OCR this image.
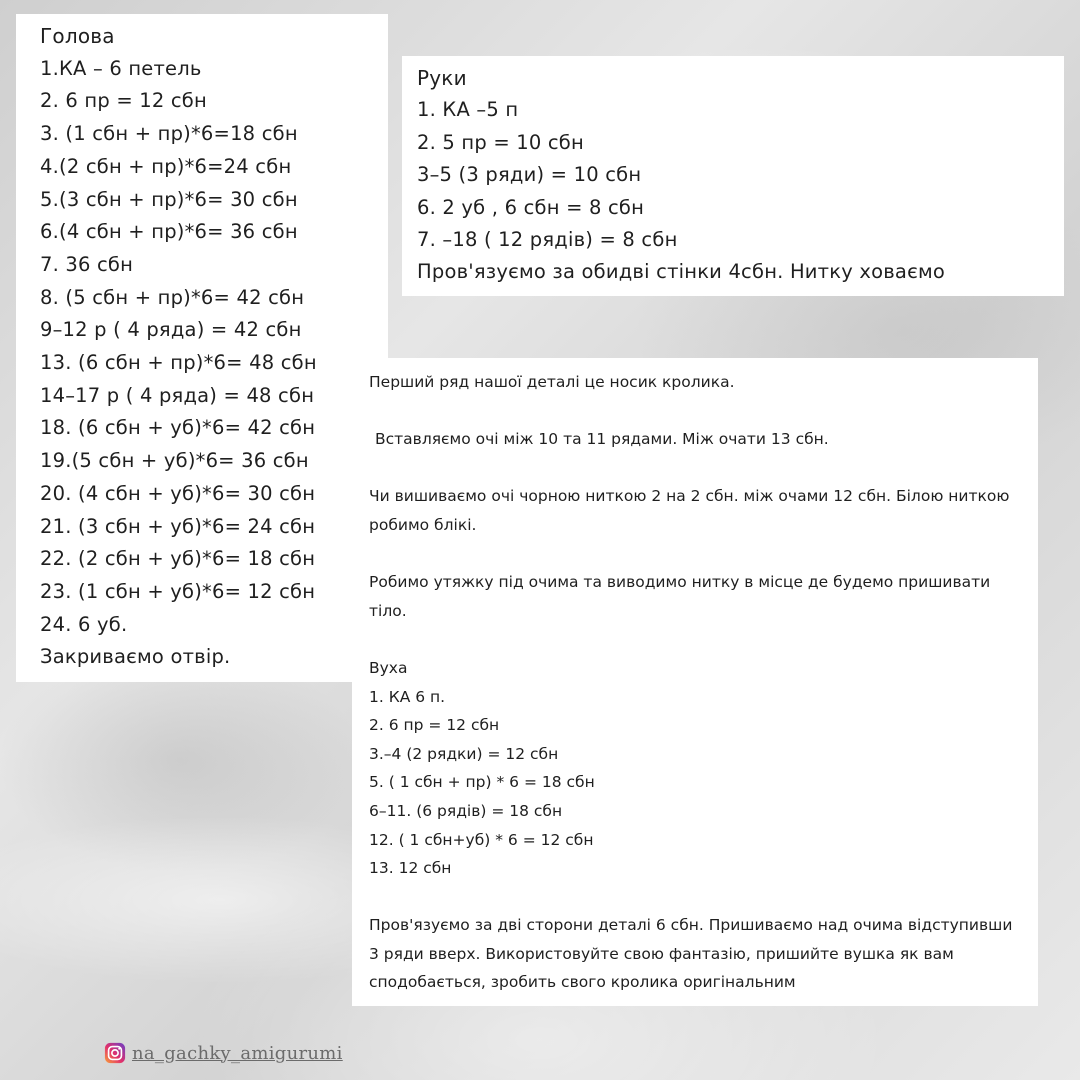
Голова
1.КА – 6 петель
2. 6 пр = 12 сбн
3. (1 сбн + пр)*6=18 сбн
4.(2 сбн + пр)*6=24 сбн
5.(3 сбн + пр)*6= 30 сбн
6.(4 сбн + пр)*6= 36 сбн
7. 36 сбн
8. (5 сбн + пр)*6= 42 сбн
9–12 р ( 4 ряда) = 42 сбн
13. (6 сбн + пр)*6= 48 сбн
14–17 р ( 4 ряда) = 48 сбн
18. (6 сбн + уб)*6= 42 сбн
19.(5 сбн + уб)*6= 36 сбн
20. (4 сбн + уб)*6= 30 сбн
21. (3 сбн + уб)*6= 24 сбн
22. (2 сбн + уб)*6= 18 сбн
23. (1 сбн + уб)*6= 12 сбн
24. 6 уб.
Закриваємо отвір.
Руки
1. КА –5 п
2. 5 пр = 10 сбн
3–5 (3 ряди) = 10 сбн
6. 2 уб , 6 сбн = 8 сбн
7. –18 ( 12 рядів) = 8 сбн
Пров'язуємо за обидві стінки 4сбн. Нитку ховаємо
Перший ряд нашої деталі це носик кролика.
Вставляємо очі між 10 та 11 рядами. Між очати 13 сбн.
Чи вишиваємо очі чорною ниткою 2 на 2 сбн. між очами 12 сбн. Білою ниткою робимо блікі.
Робимо утяжку під очима та виводимо нитку в місце де будемо пришивати тіло.
Вуха
1. КА 6 п.
2. 6 пр = 12 сбн
3.–4 (2 рядки) = 12 сбн
5. ( 1 сбн + пр) * 6 = 18 сбн
6–11. (6 рядів) = 18 сбн
12. ( 1 сбн+уб) * 6 = 12 сбн
13. 12 сбн
Пров'язуємо за дві сторони деталі 6 сбн. Пришиваємо над очима відступивши 3 ряди вверх. Використовуйте свою фантазію, пришийте вушка як вам сподобається, зробить свого кролика оригінальним
na_gachky_amigurumi
